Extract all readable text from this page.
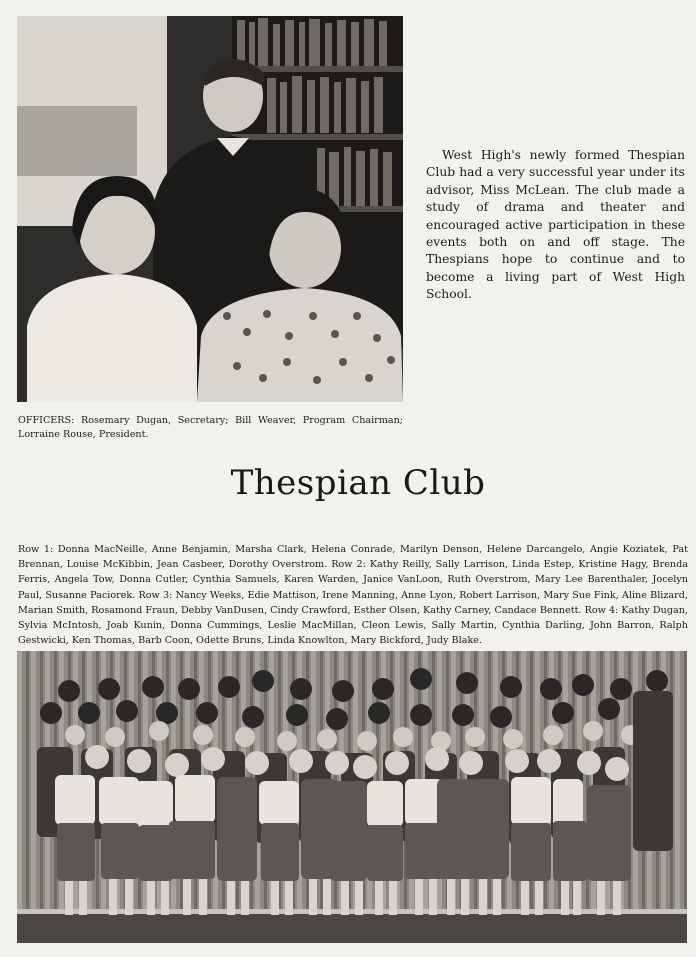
West High's newly formed Thespian Club had a very successful year under its advisor, Miss McLean. The club made a study of drama and theater and encouraged active participation in these events both on and off stage. The Thespians hope to continue and to become a living part of West High School.

OFFICERS: Rosemary Dugan, Secretary; Bill Weaver, Program Chairman; Lorraine Rouse, President.

Thespian Club

Row 1: Donna MacNeille, Anne Benjamin, Marsha Clark, Helena Conrade, Marilyn Denson, Helene Darcangelo, Angie Koziatek, Pat Brennan, Louise McKibbin, Jean Casbeer, Dorothy Overstrom. Row 2: Kathy Reilly, Sally Larrison, Linda Estep, Kristine Hagy, Brenda Ferris, Angela Tow, Donna Cutler, Cynthia Samuels, Karen Warden, Janice VanLoon, Ruth Overstrom, Mary Lee Barenthaler, Jocelyn Paul, Susanne Paciorek. Row 3: Nancy Weeks, Edie Mattison, Irene Manning, Anne Lyon, Robert Larrison, Mary Sue Fink, Aline Blizard, Marian Smith, Rosamond Fraun, Debby VanDusen, Cindy Crawford, Esther Olsen, Kathy Carney, Candace Bennett. Row 4: Kathy Dugan, Sylvia McIntosh, Joab Kunin, Donna Cummings, Leslie MacMillan, Cleon Lewis, Sally Martin, Cynthia Darling, John Barron, Ralph Gestwicki, Ken Thomas, Barb Coon, Odette Bruns, Linda Knowlton, Mary Bickford, Judy Blake.
